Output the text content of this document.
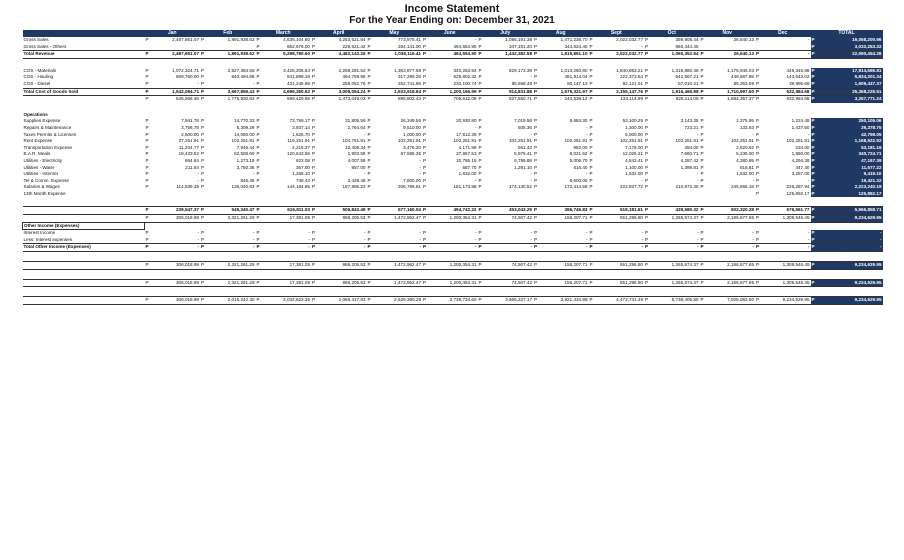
Income Statement
For the Year Ending on: December 31, 2021
	Jan	Feb	March	April	May	June	July	Aug	Sept	Oct	Nov	Dec	TOTAL
Gross Sales	P 2,487,651.07	P 1,891,938.62	P 4,636,104.60	P 4,253,521.84	P 773,975.41	P -	P 1,095,191.38	P 1,471,236.70	P 2,022,032.77	P 399,908.44	P 26,640.13	P -	P 19,058,200.96
Gross Sales - Others			P 662,676.00	P 228,621.42	P 264,141.00	P 494,554.90	P 347,191.20	P 344,624.40	P -	P 660,444.40			P 3,032,253.32
Total Revenue	P 2,487,651.07	P 1,891,938.62	P 5,298,780.60	P 4,482,143.26	P 1,038,116.41	P 494,554.90	P 1,442,382.58	P 1,815,861.10	P 2,022,032.77	P 1,060,352.84	P 26,640.13	P -	P 22,090,454.28

COS - Materials	P 1,072,324.71	P 2,827,364.55	P 3,426,205.54	P 2,259,281.52	P 1,363,877.68	P 340,263.93	P 829,173.39	P 1,013,260.80	P 1,840,653.21	P 1,316,880.46	P 1,175,946.03	P 449,345.98	P 17,914,586.81
COS - Hauling	P 869,760.00	P 840,494.88	P 841,899.19	P 494,759.96	P 317,299.29	P 629,802.32	P -	P 481,914.04	P 222,373.54	P 542,567.21	P 449,687.88	P 143,643.02	P 5,834,201.34
COS - Diesel	P -	P -	P 431,245.89	P 255,052.76	P 252,741.88	P 230,100.74	P 85,658.48	P 80,147.13	P 92,121.01	P 57,010.21	P 85,363.59	P 39,995.68	P 1,609,437.37
Total Cost of Goods Sold	P 1,942,084.71	P 3,667,859.43	P 4,699,350.62	P 3,009,094.24	P 1,933,918.84	P 1,200,166.99	P 914,831.88	P 1,575,321.97	P 2,155,147.76	P 1,916,466.88	P 1,710,997.50	P 632,984.68	P 25,358,225.51
	P 545,566.36	P 1,775,920.82	P 599,429.98	P 1,473,049.02	P 895,802.43	P 705,612.09	P 527,550.71	P 240,539.12	P 133,114.99	P 826,114.05	P 1,684,357.37	P 632,984.68	P 3,267,771.24

Operations													
Supplies Expense	P 7,941.76	P 14,770.33	P 73,759.17	P 31,805.56	P 26,349.56	P 20,930.80	P 7,019.58	P 8,684.30	P 53,100.25	P 3,143.35	P 1,375.95	P 1,224.45	P 250,105.06
Repairs & Maintenance	P 3,756.78	P 5,309.29	P 3,937.14	P 2,764.64	P 9,510.00	P -	P 505.36	P -	P 1,300.00	P 723.21	P 133.93	P 1,437.50	P 29,378.75
Taxes Permits & Licenses	P 2,600.00	P 14,060.00	P 1,625.70	P -	P 1,000.00	P 17,512.35	P -	P -	P 6,000.00	P -	P -	P -	P 42,798.05
Rent Expense	P 27,251.91	P 102,251.91	P 116,251.91	P 104,751.91	P 102,251.91	P 102,251.91	P 102,251.91	P 102,251.91	P 102,251.91	P 102,251.91	P 102,251.91	P 102,251.91	P 1,168,522.92
Transportation Expense	P 11,204.77	P 7,946.44	P 4,215.37	P 10,408.34	P 3,476.20	P 4,171.99	P 561.43	P 982.00	P 7,176.00	P 284.00	P 2,520.62	P 234.00	P 53,181.16
E.A.R. Meals	P 19,433.52	P 62,508.69	P 120,643.58	P 1,903.58	P 67,588.36	P 27,867.53	P 5,975.41	P 8,021.62	P 12,026.21	P 7,660.71	P 5,235.00	P 1,860.00	P 340,724.71
Utilities - Electricity	P 864.64	P 1,273.19	P 623.08	P 4,007.59	P -	P 10,786.15	P 6,799.88	P 5,006.70	P 4,843.41	P 4,287.42	P 4,380.95	P 4,294.38	P 47,167.39
Utilities - Water	P 211.64	P 3,750.36	P 367.00	P 887.00	P -	P 687.70	P 1,291.10	P 616.40	P 1,100.00	P 1,399.81	P 818.81	P 447.40	P 11,577.22
Utilities - Internet	P -	P -	P 1,266.10	P -	P -	P 1,632.00	P -	P -	P 1,632.00	P -	P 1,632.00	P 3,257.00	P 9,419.10
Tel & Comm. Expense	P -	P 846.45	P 746.43	P 3,428.46	P 7,800.00	P -	P -	P 6,600.00	P -	P -	P -	P -	P 19,421.32
Salaries & Wages	P 114,639.35	P 136,040.83	P 144,184.85	P 187,895.23	P 206,796.81	P 181,173.88	P 174,130.52	P 172,414.58	P 222,937.72	P 210,872.30	P 245,866.18	P 226,287.94	P 2,223,240.19
13th Month Expense												P 125,892.17	P 125,892.17

	P 239,547.37	P 545,340.47	P 616,811.03	P 506,843.49	P 577,160.04	P 494,742.22	P 453,043.29	P 396,746.83	P 518,181.61	P 439,580.32	P 502,320.28	P 676,561.77	P 5,966,858.71
	P 306,018.99	P 2,321,261.29	P 17,381.05	P 966,205.53	P 1,472,962.47	P 1,200,354.31	P 74,507.42	P 156,207.71	P 651,296.60	P 1,265,674.37	P 2,186,677.65	P 1,309,546.45	P 9,234,629.95
Other Income (Expenses)													
Interest Income	P -	P -	P -	P -	P -	P -	P -	P -	P -	P -	P -	P -	P -
Less: Interest expenses	P -	P -	P -	P -	P -	P -	P -	P -	P -	P -	P -	P -	P -
Total Other Income (Expenses)	P -	P -	P -	P -	P -	P -	P -	P -	P -	P -	P -	P -	P -

	P 306,018.99	P 2,321,261.29	P 17,381.05	P 966,205.53	P 1,472,962.47	P 1,200,354.31	P 74,507.42	P 156,207.71	P 651,296.60	P 1,265,674.37	P 2,186,677.65	P 1,309,546.45	P 9,234,629.95

	P 306,018.99	P 2,321,261.29	P 17,381.05	P 966,205.53	P 1,472,962.47	P 1,200,354.31	P 74,507.42	P 156,207.71	P 651,296.60	P 1,265,674.37	P 2,186,677.65	P 1,309,546.45	P 9,234,629.95

	P 306,018.99	P 2,015,242.30	P 2,032,623.35	P 1,066,417.83	P 2,539,380.29	P 3,739,734.60	P 3,665,227.17	P 3,821,434.88	P 4,472,731.49	P 5,738,405.85	P 7,925,083.50	P 9,234,629.95	P 9,234,629.95
